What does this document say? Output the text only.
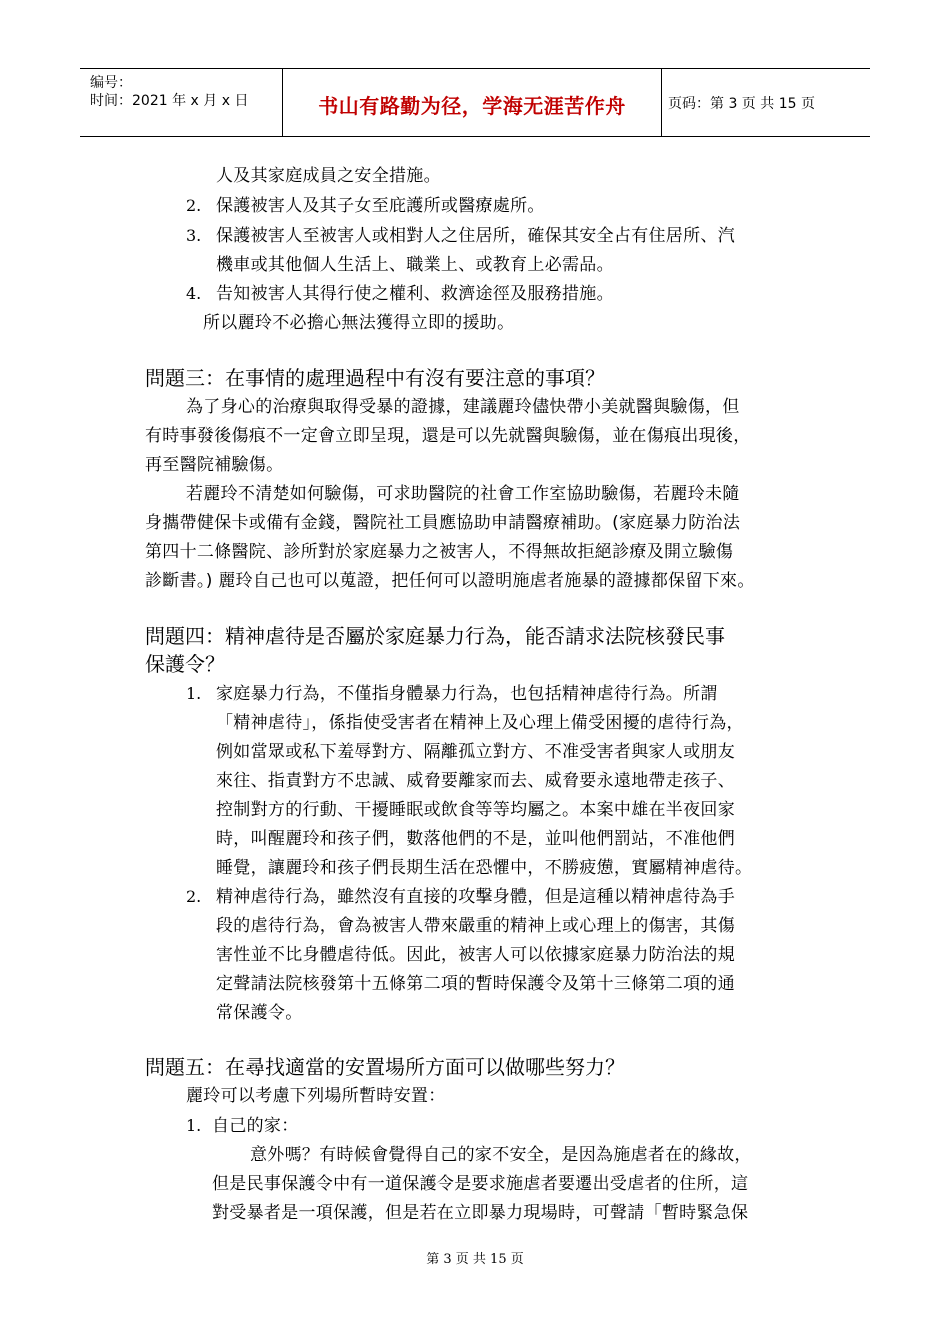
编号：
时间：2021 年 x 月 x 日	书山有路勤为径，学海无涯苦作舟	页码：第 3 页 共 15 页
人及其家庭成員之安全措施。
2. 保護被害人及其子女至庇護所或醫療處所。
3. 保護被害人至被害人或相對人之住居所，確保其安全占有住居所、汽
機車或其他個人生活上、職業上、或教育上必需品。
4. 告知被害人其得行使之權利、救濟途徑及服務措施。
所以麗玲不必擔心無法獲得立即的援助。
問題三：在事情的處理過程中有沒有要注意的事項？
為了身心的治療與取得受暴的證據，建議麗玲儘快帶小美就醫與驗傷，但
有時事發後傷痕不一定會立即呈現，還是可以先就醫與驗傷，並在傷痕出現後，
再至醫院補驗傷。
若麗玲不清楚如何驗傷，可求助醫院的社會工作室協助驗傷，若麗玲未隨
身攜帶健保卡或備有金錢，醫院社工員應協助申請醫療補助。(家庭暴力防治法
第四十二條醫院、診所對於家庭暴力之被害人，不得無故拒絕診療及開立驗傷
診斷書。) 麗玲自己也可以蒐證，把任何可以證明施虐者施暴的證據都保留下來。
問題四：精神虐待是否屬於家庭暴力行為，能否請求法院核發民事
保護令？
1. 家庭暴力行為，不僅指身體暴力行為，也包括精神虐待行為。所謂
「精神虐待」，係指使受害者在精神上及心理上備受困擾的虐待行為，
例如當眾或私下羞辱對方、隔離孤立對方、不准受害者與家人或朋友
來往、指責對方不忠誠、威脅要離家而去、威脅要永遠地帶走孩子、
控制對方的行動、干擾睡眠或飲食等等均屬之。本案中雄在半夜回家
時，叫醒麗玲和孩子們，數落他們的不是，並叫他們罰站，不准他們
睡覺，讓麗玲和孩子們長期生活在恐懼中，不勝疲憊，實屬精神虐待。
2. 精神虐待行為，雖然沒有直接的攻擊身體，但是這種以精神虐待為手
段的虐待行為，會為被害人帶來嚴重的精神上或心理上的傷害，其傷
害性並不比身體虐待低。因此，被害人可以依據家庭暴力防治法的規
定聲請法院核發第十五條第二項的暫時保護令及第十三條第二項的通
常保護令。
問題五：在尋找適當的安置場所方面可以做哪些努力？
麗玲可以考慮下列場所暫時安置：
1. 自己的家：
意外嗎？有時候會覺得自己的家不安全，是因為施虐者在的緣故，
但是民事保護令中有一道保護令是要求施虐者要遷出受虐者的住所，這
對受暴者是一項保護，但是若在立即暴力現場時，可聲請「暫時緊急保
第 3 页 共 15 页
